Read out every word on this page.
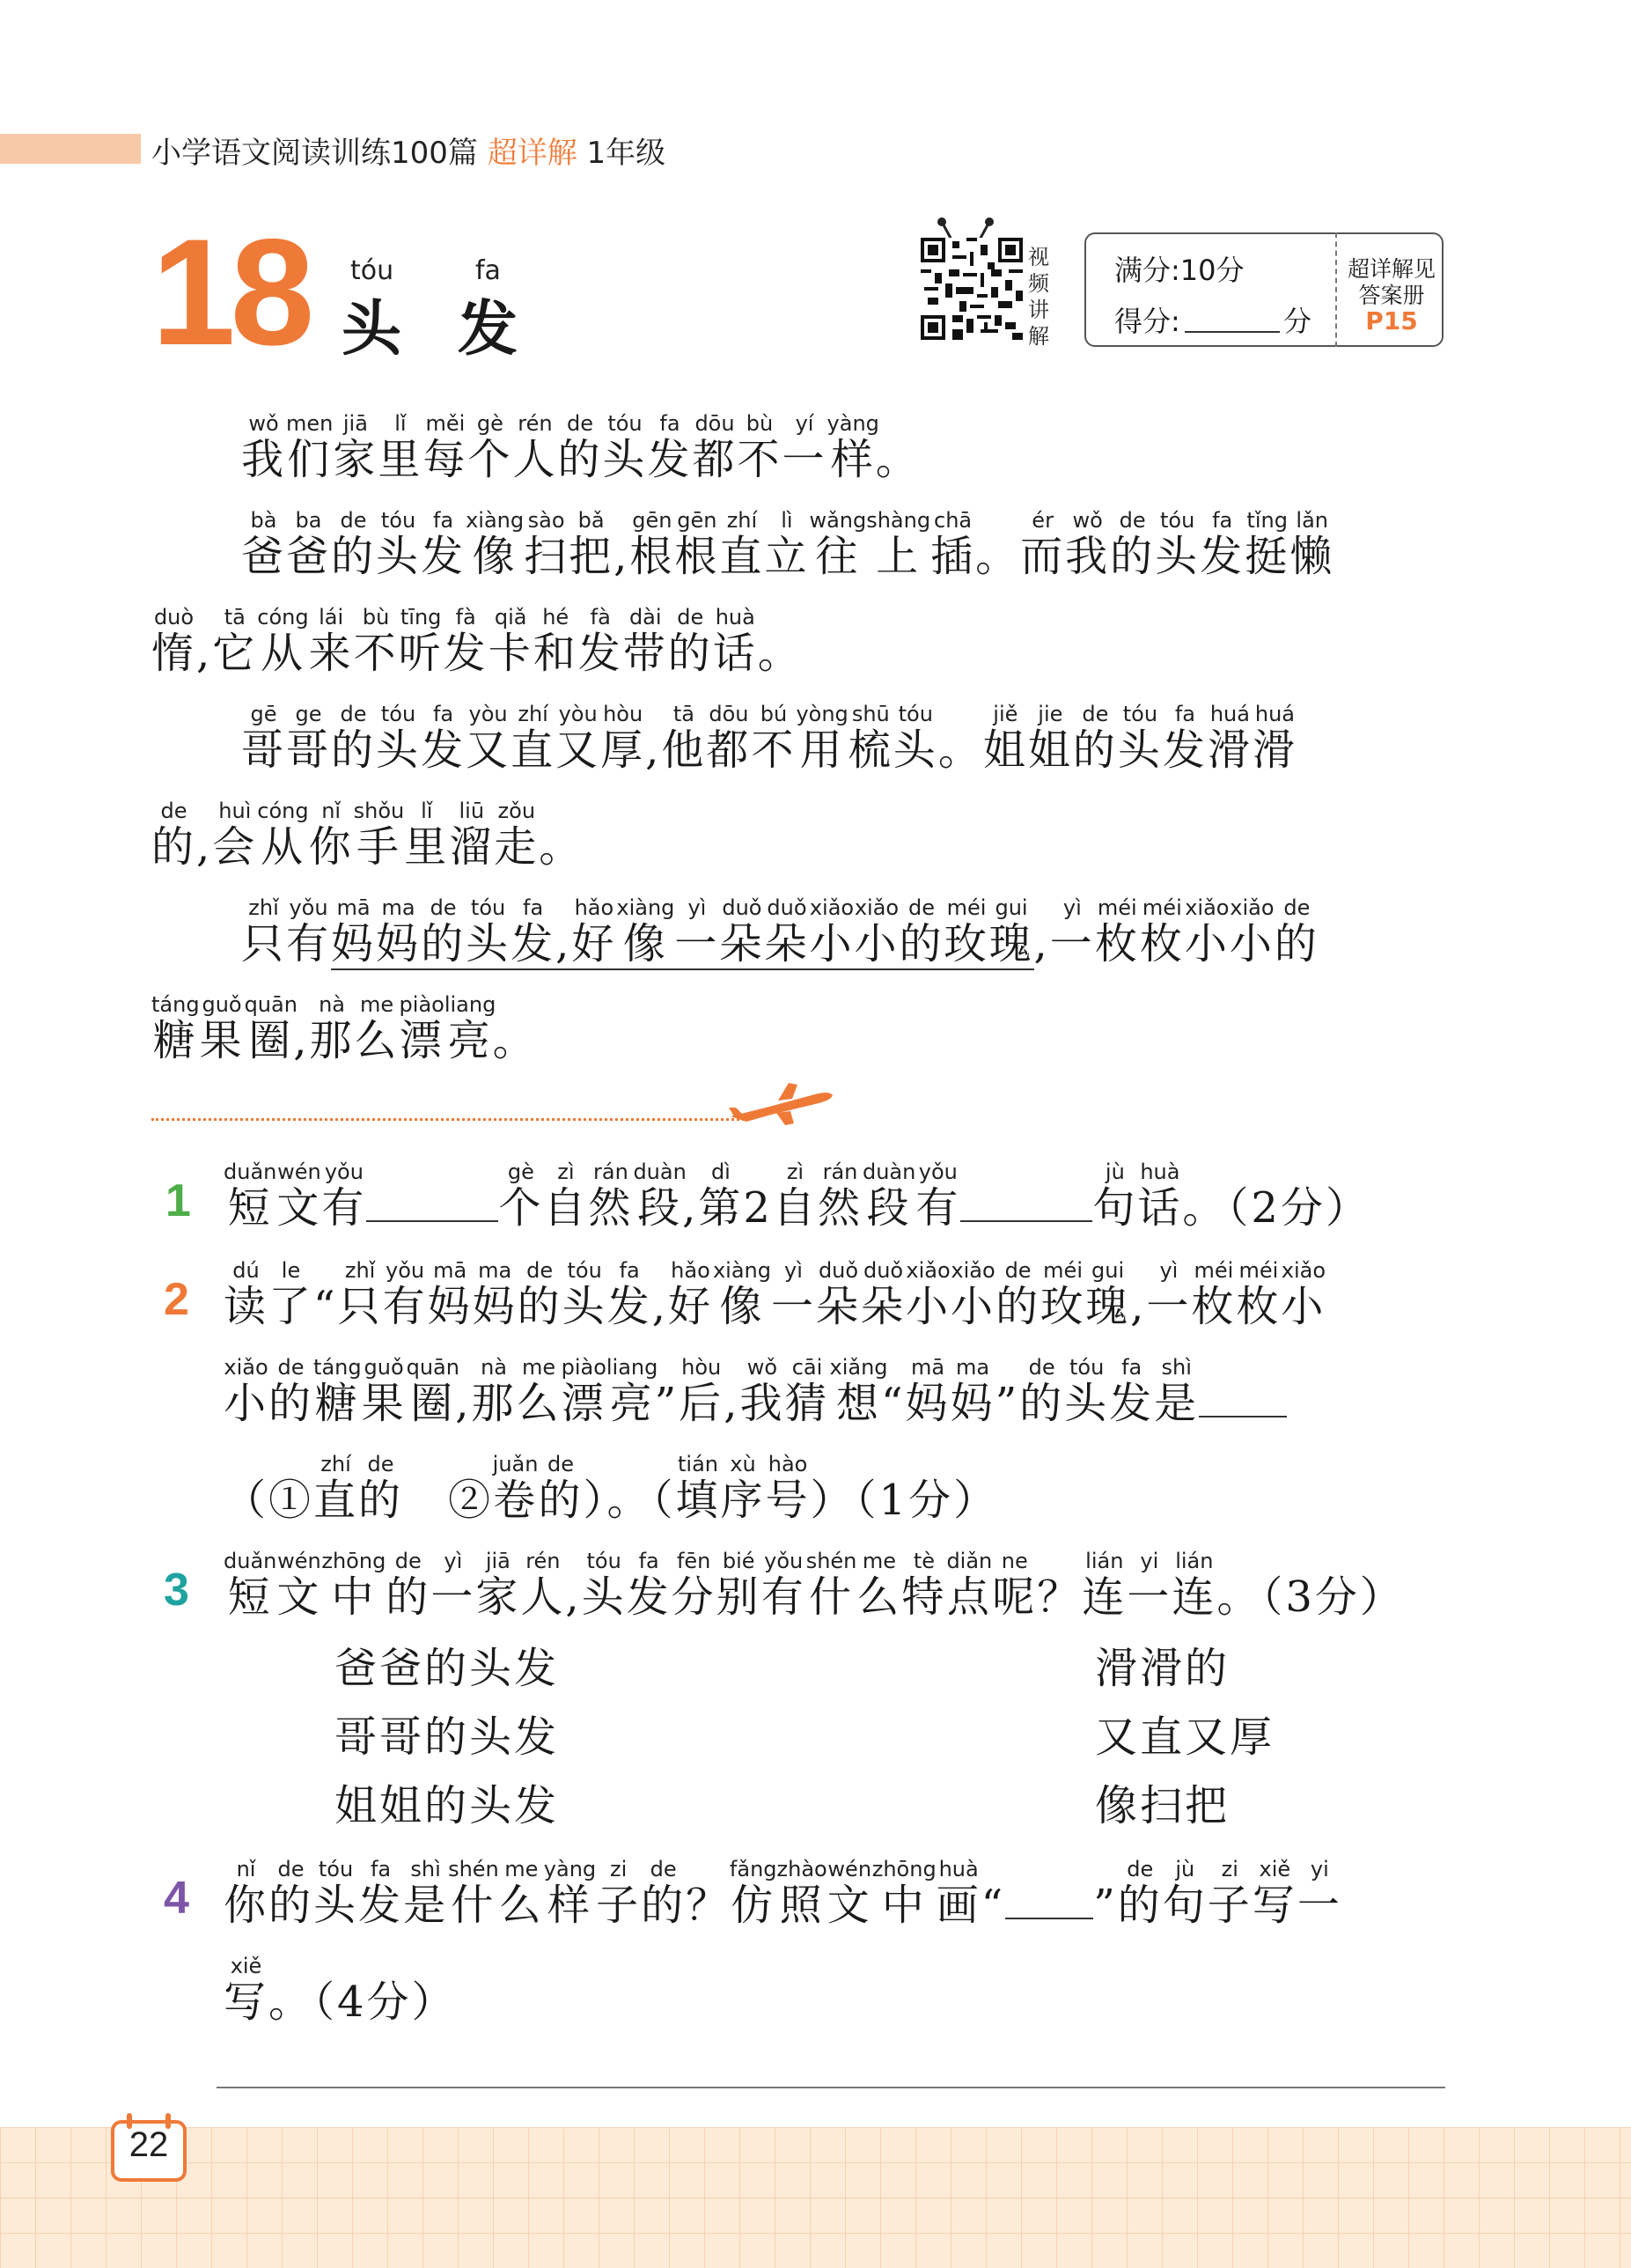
小学语文阅读训练100篇 超详解 1年级
18 tóu	fa
头 发
视
频
讲
解
满分:10分
得分:	分
超详解见
答案册
P15
我wǒ们men家jiā里lǐ每měi个gè人rén的de头tóu发fa都dōu不bù一yí样yàng。
爸bà爸ba的de头tóu发fa像xiàng扫sào把bǎ,根gēn根gēn直zhí立lì往wǎng上shàng插chā。而ér我wǒ的de头tóu发fa挺tǐng懒lǎn
惰duò,它tā从cóng来lái不bù听tīng发fà卡qiǎ和hé发fà带dài的de话huà。
哥gē哥ge的de头tóu发fa又yòu直zhí又yòu厚hòu,他tā都dōu不bú用yòng梳shū头tóu。姐jiě姐jie的de头tóu发fa滑huá滑huá
的de,会huì从cóng你nǐ手shǒu里lǐ溜liū走zǒu。
只zhǐ有yǒu妈mā妈ma的de头tóu发fa,好hǎo像xiàng一yì朵duǒ朵duǒ小xiǎo小xiǎo的de玫méi瑰gui,一yì枚méi枚méi小xiǎo小xiǎo的de
糖táng果guǒ圈quān,那nà么me漂piào亮liang。
1 短duǎn文wén有yǒu个gè自zì然rán段duàn,第dì2自zì然rán段duàn有yǒu句jù话huà。（2分）
2 读dú了le“只zhǐ有yǒu妈mā妈ma的de头tóu发fa,好hǎo像xiàng一yì朵duǒ朵duǒ小xiǎo小xiǎo的de玫méi瑰gui,一yì枚méi枚méi小xiǎo
小xiǎo的de糖táng果guǒ圈quān,那nà么me漂piào亮liang”后hòu,我wǒ猜cāi想xiǎng“妈mā妈ma”的de头tóu发fa是shì
（①直zhí的de　②卷juǎn的de）。（填tián序xù号hào）（1分）
3 短duǎn文wén中zhōng的de一yì家jiā人rén,头tóu发fa分fēn别bié有yǒu什shén么me特tè点diǎn呢ne？连lián一yi连lián。（3分）
爸爸的头发
哥哥的头发
姐姐的头发
滑滑的
又直又厚
像扫把
4 你nǐ的de头tóu发fa是shì什shén么me样yàng子zi的de？仿fǎng照zhào文wén中zhōng画huà“ ”的de句jù子zi写xiě一yi
写xiě。（4分）
22
